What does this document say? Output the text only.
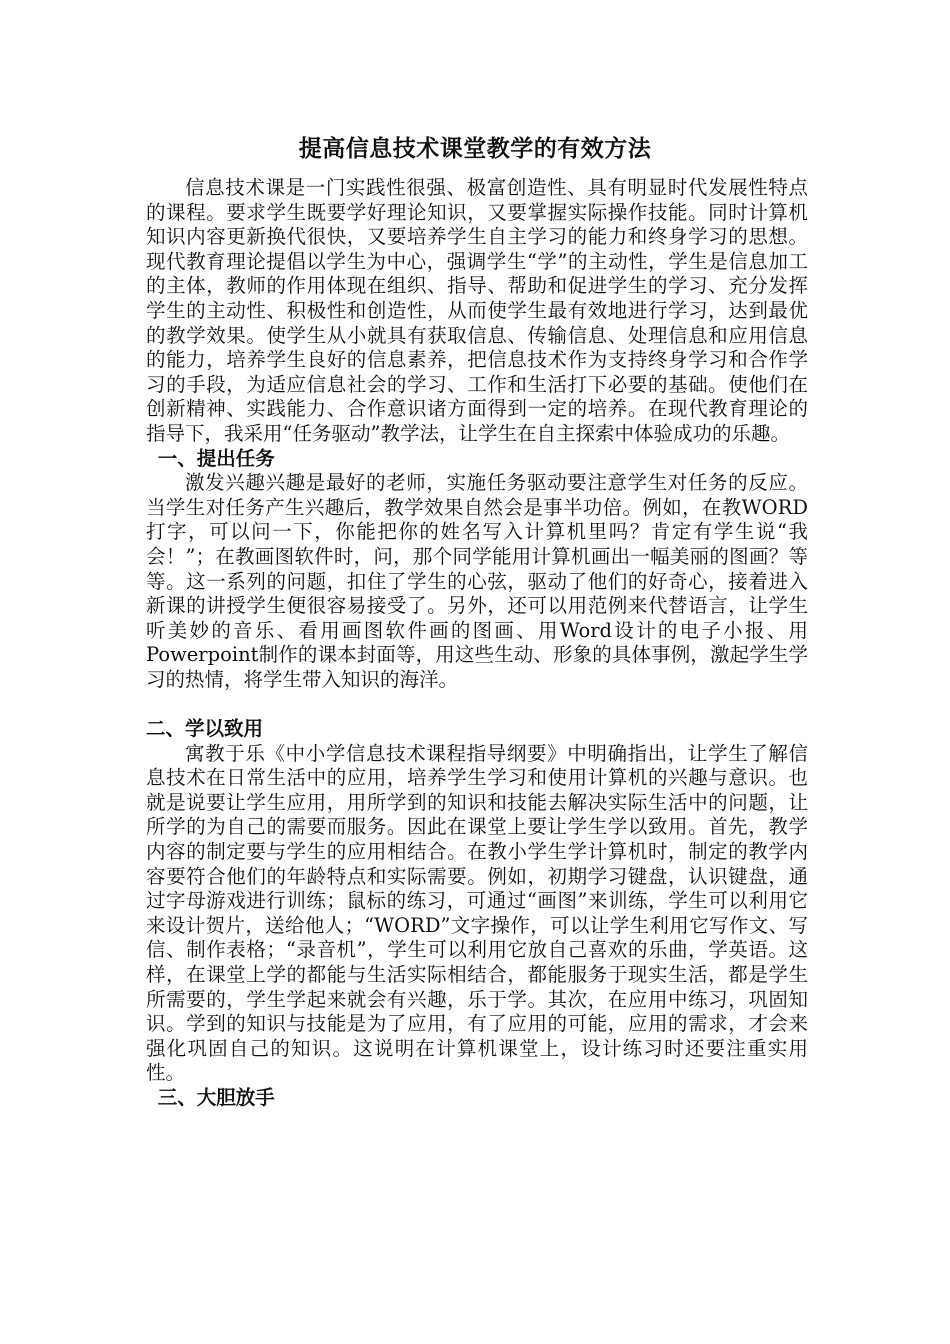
提高信息技术课堂教学的有效方法

信息技术课是一门实践性很强、极富创造性、具有明显时代发展性特点的课程。要求学生既要学好理论知识，又要掌握实际操作技能。同时计算机知识内容更新换代很快，又要培养学生自主学习的能力和终身学习的思想。现代教育理论提倡以学生为中心，强调学生“学”的主动性，学生是信息加工的主体，教师的作用体现在组织、指导、帮助和促进学生的学习、充分发挥学生的主动性、积极性和创造性，从而使学生最有效地进行学习，达到最优的教学效果。使学生从小就具有获取信息、传输信息、处理信息和应用信息的能力，培养学生良好的信息素养，把信息技术作为支持终身学习和合作学习的手段，为适应信息社会的学习、工作和生活打下必要的基础。使他们在创新精神、实践能力、合作意识诸方面得到一定的培养。在现代教育理论的指导下，我采用“任务驱动”教学法，让学生在自主探索中体验成功的乐趣。

一、提出任务

激发兴趣兴趣是最好的老师，实施任务驱动要注意学生对任务的反应。当学生对任务产生兴趣后，教学效果自然会是事半功倍。例如，在教WORD打字，可以问一下，你能把你的姓名写入计算机里吗？肯定有学生说“我会！”；在教画图软件时，问，那个同学能用计算机画出一幅美丽的图画？等等。这一系列的问题，扣住了学生的心弦，驱动了他们的好奇心，接着进入新课的讲授学生便很容易接受了。另外，还可以用范例来代替语言，让学生听美妙的音乐、看用画图软件画的图画、用Word设计的电子小报、用Powerpoint制作的课本封面等，用这些生动、形象的具体事例，激起学生学习的热情，将学生带入知识的海洋。

二、学以致用

寓教于乐《中小学信息技术课程指导纲要》中明确指出，让学生了解信息技术在日常生活中的应用，培养学生学习和使用计算机的兴趣与意识。也就是说要让学生应用，用所学到的知识和技能去解决实际生活中的问题，让所学的为自己的需要而服务。因此在课堂上要让学生学以致用。首先，教学内容的制定要与学生的应用相结合。在教小学生学计算机时，制定的教学内容要符合他们的年龄特点和实际需要。例如，初期学习键盘，认识键盘，通过字母游戏进行训练；鼠标的练习，可通过“画图”来训练，学生可以利用它来设计贺片，送给他人；“WORD”文字操作，可以让学生利用它写作文、写信、制作表格；“录音机”，学生可以利用它放自己喜欢的乐曲，学英语。这样，在课堂上学的都能与生活实际相结合，都能服务于现实生活，都是学生所需要的，学生学起来就会有兴趣，乐于学。其次，在应用中练习，巩固知识。学到的知识与技能是为了应用，有了应用的可能，应用的需求，才会来强化巩固自己的知识。这说明在计算机课堂上，设计练习时还要注重实用性。

三、大胆放手
